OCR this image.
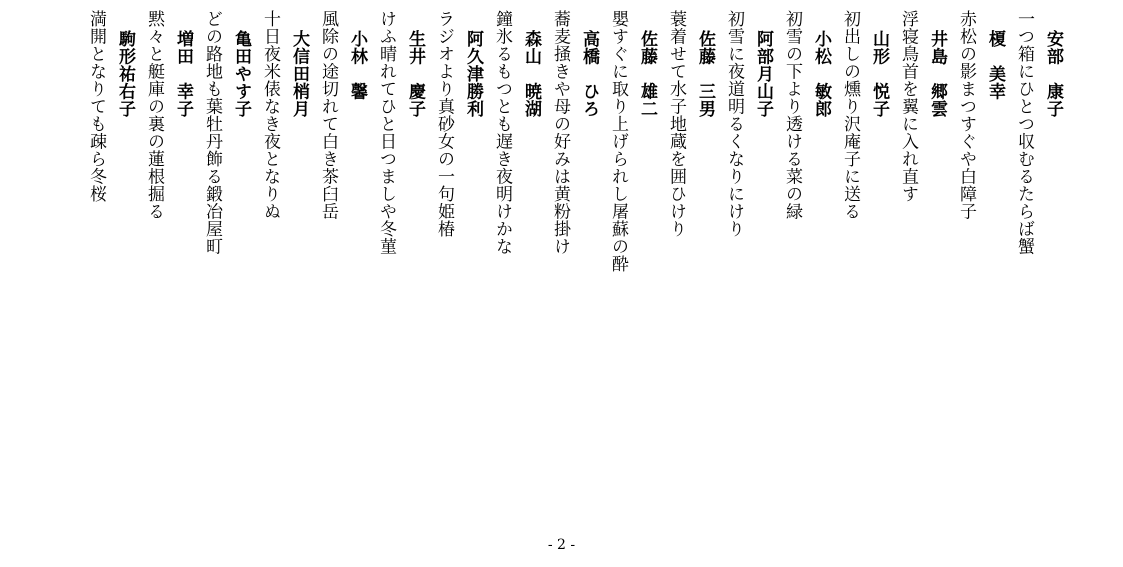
安部　康子
一つ箱にひとつ収むるたらば蟹
榎　美幸
赤松の影まつすぐや白障子
井島　郷雲
浮寝鳥首を翼に入れ直す
山形　悦子
初出しの燻り沢庵子に送る
小松　敏郎
初雪の下より透ける菜の緑
阿部月山子
初雪に夜道明るくなりにけり
佐藤　三男
蓑着せて水子地蔵を囲ひけり
佐藤　雄二
嬰すぐに取り上げられし屠蘇の酔
高橋　ひろ
蕎麦掻きや母の好みは黄粉掛け
森山　暁湖
鐘氷るもつとも遅き夜明けかな
阿久津勝利
ラジオより真砂女の一句姫椿
生井　慶子
けふ晴れてひと日つましや冬菫
小林　馨
風除の途切れて白き茶臼岳
大信田梢月
十日夜米俵なき夜となりぬ
亀田やす子
どの路地も葉牡丹飾る鍛冶屋町
増田　幸子
黙々と艇庫の裏の蓮根掘る
駒形祐右子
満開となりても疎ら冬桜
- 2 -
